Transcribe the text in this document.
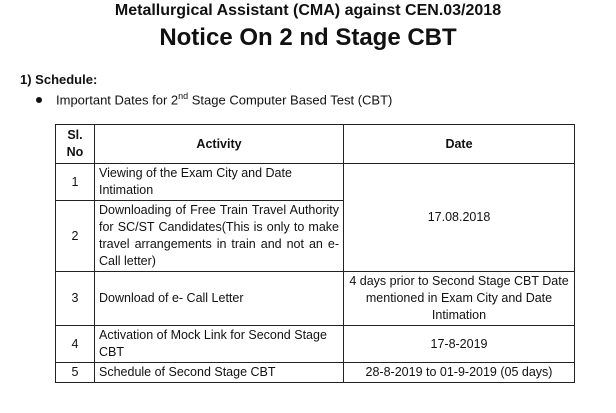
Metallurgical Assistant (CMA) against CEN.03/2018
Notice On 2 nd Stage CBT
1) Schedule:
Important Dates for 2nd Stage Computer Based Test (CBT)
Sl. No	Activity	Date
1	Viewing of the Exam City and Date Intimation	17.08.2018
2	Downloading of Free Train Travel Authority for SC/ST Candidates(This is only to make travel arrangements in train and not an e-Call letter)	
3	Download of e- Call Letter	4 days prior to Second Stage CBT Date mentioned in Exam City and Date Intimation
4	Activation of Mock Link for Second Stage CBT	17-8-2019
5	Schedule of Second Stage CBT	28-8-2019 to 01-9-2019 (05 days)
